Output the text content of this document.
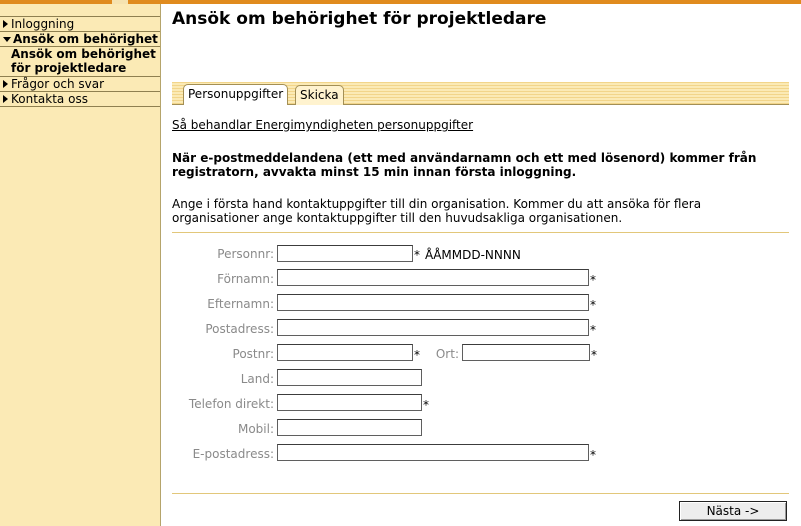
Inloggning
Ansök om behörighet
Ansök om behörighet för projektledare
Frågor och svar
Kontakta oss
Ansök om behörighet för projektledare
Personuppgifter	Skicka
Så behandlar Energimyndigheten personuppgifter
När e-postmeddelandena (ett med användarnamn och ett med lösenord) kommer från registratorn, avvakta minst 15 min innan första inloggning.
Ange i första hand kontaktuppgifter till din organisation. Kommer du att ansöka för flera organisationer ange kontaktuppgifter till den huvudsakliga organisationen.
Personnr:	* ÅÅMMDD-NNNN
Förnamn:	*
Efternamn:	*
Postadress:	*
Postnr:	* Ort:	*
Land:
Telefon direkt:	*
Mobil:
E-postadress:	*
Nästa ->
